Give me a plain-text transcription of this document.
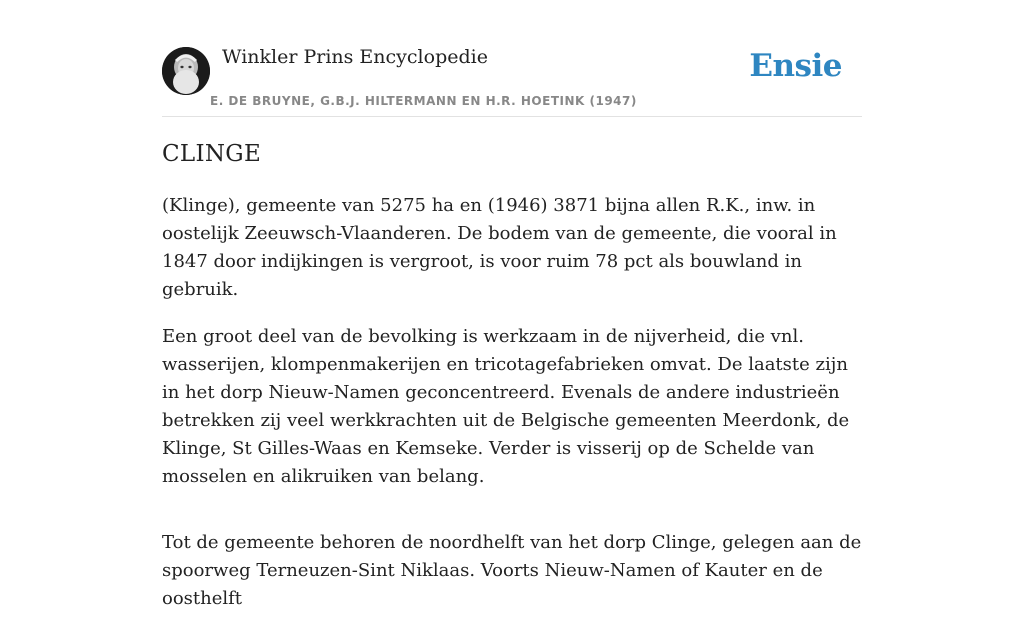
Winkler Prins Encyclopedie
E. DE BRUYNE, G.B.J. HILTERMANN EN H.R. HOETINK (1947)
Ensie
CLINGE

(Klinge), gemeente van 5275 ha en (1946) 3871 bijna allen R.K., inw. in oostelijk Zeeuwsch-Vlaanderen. De bodem van de gemeente, die vooral in 1847 door indijkingen is vergroot, is voor ruim 78 pct als bouwland in gebruik.

Een groot deel van de bevolking is werkzaam in de nijverheid, die vnl. wasserijen, klompenmakerijen en tricotagefabrieken omvat. De laatste zijn in het dorp Nieuw-Namen geconcentreerd. Evenals de andere industrieën betrekken zij veel werkkrachten uit de Belgische gemeenten Meerdonk, de Klinge, St Gilles-Waas en Kemseke. Verder is visserij op de Schelde van mosselen en alikruiken van belang.

Tot de gemeente behoren de noordhelft van het dorp Clinge, gelegen aan de spoorweg Terneuzen-Sint Niklaas. Voorts Nieuw-Namen of Kauter en de oosthelft
